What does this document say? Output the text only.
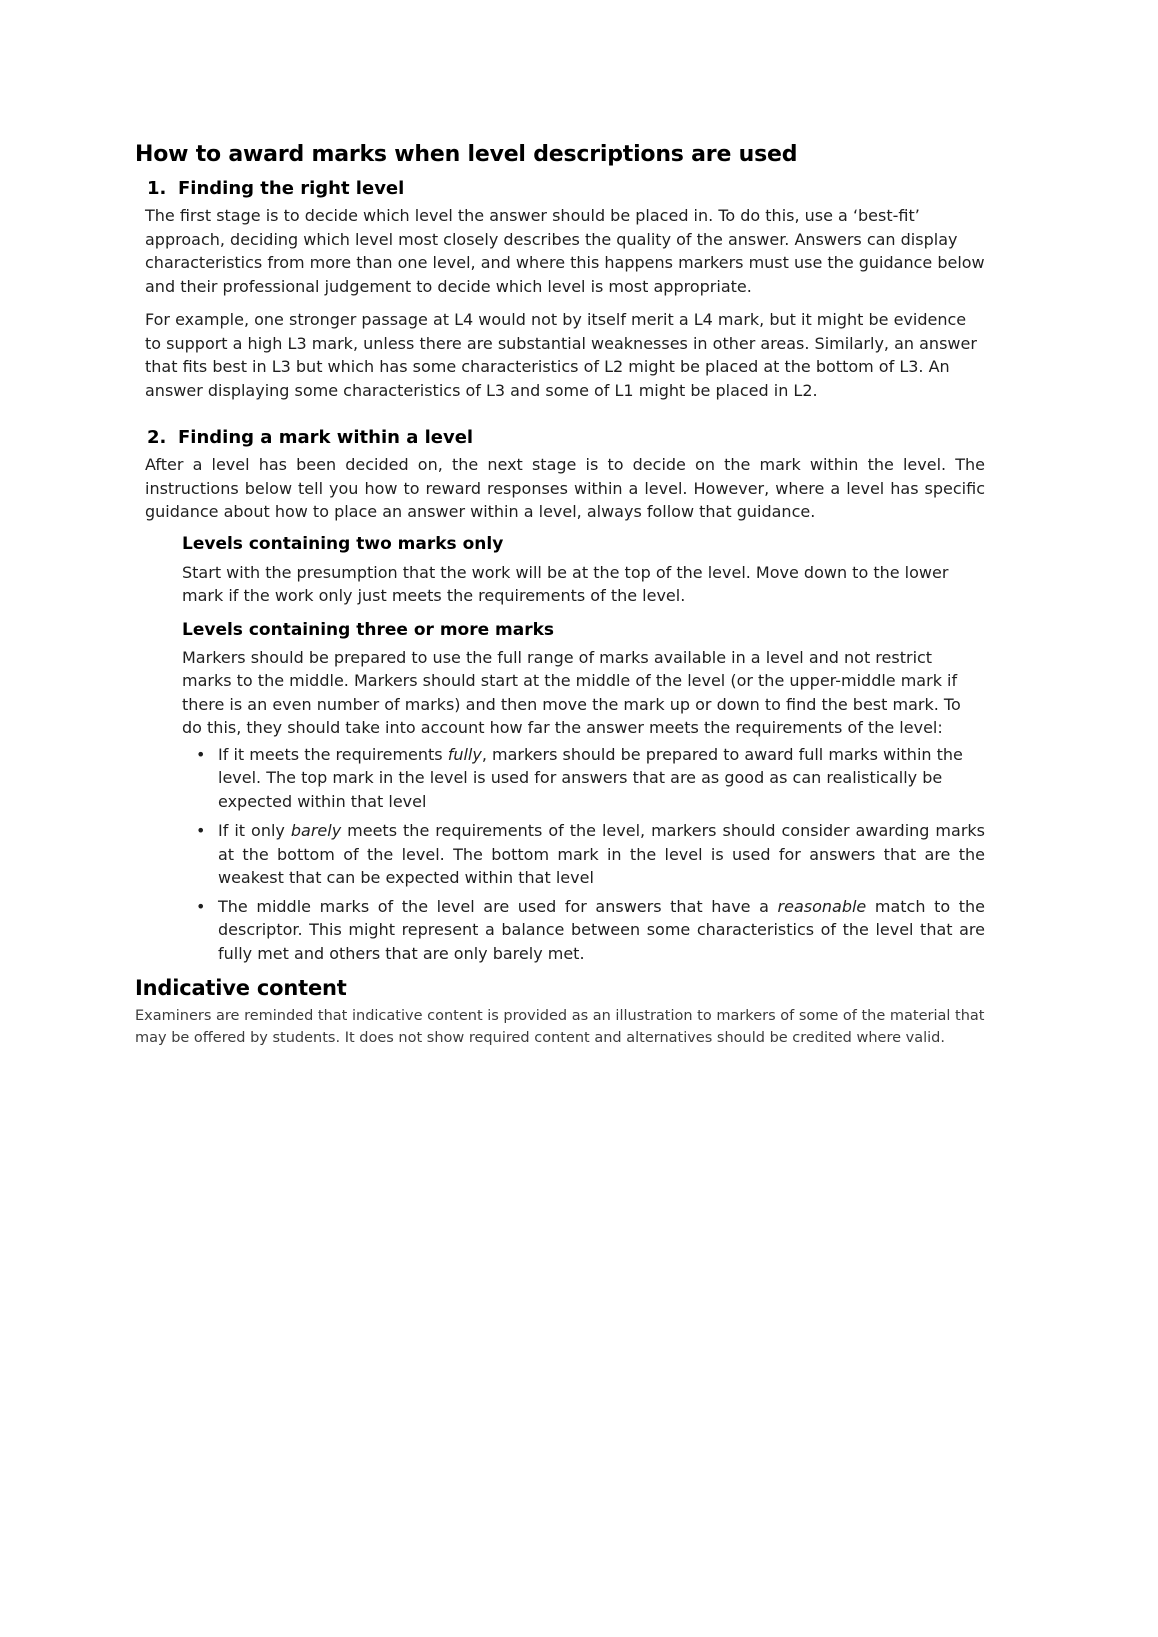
How to award marks when level descriptions are used
1. Finding the right level

The first stage is to decide which level the answer should be placed in. To do this, use a ‘best-fit’ approach, deciding which level most closely describes the quality of the answer. Answers can display characteristics from more than one level, and where this happens markers must use the guidance below and their professional judgement to decide which level is most appropriate.

For example, one stronger passage at L4 would not by itself merit a L4 mark, but it might be evidence to support a high L3 mark, unless there are substantial weaknesses in other areas. Similarly, an answer that fits best in L3 but which has some characteristics of L2 might be placed at the bottom of L3. An answer displaying some characteristics of L3 and some of L1 might be placed in L2.

2. Finding a mark within a level

After a level has been decided on, the next stage is to decide on the mark within the level. The instructions below tell you how to reward responses within a level. However, where a level has specific guidance about how to place an answer within a level, always follow that guidance.

Levels containing two marks only

Start with the presumption that the work will be at the top of the level. Move down to the lower mark if the work only just meets the requirements of the level.

Levels containing three or more marks

Markers should be prepared to use the full range of marks available in a level and not restrict marks to the middle. Markers should start at the middle of the level (or the upper-middle mark if there is an even number of marks) and then move the mark up or down to find the best mark. To do this, they should take into account how far the answer meets the requirements of the level:

• If it meets the requirements fully, markers should be prepared to award full marks within the level. The top mark in the level is used for answers that are as good as can realistically be expected within that level

• If it only barely meets the requirements of the level, markers should consider awarding marks at the bottom of the level. The bottom mark in the level is used for answers that are the weakest that can be expected within that level

• The middle marks of the level are used for answers that have a reasonable match to the descriptor. This might represent a balance between some characteristics of the level that are fully met and others that are only barely met.

Indicative content

Examiners are reminded that indicative content is provided as an illustration to markers of some of the material that may be offered by students. It does not show required content and alternatives should be credited where valid.
